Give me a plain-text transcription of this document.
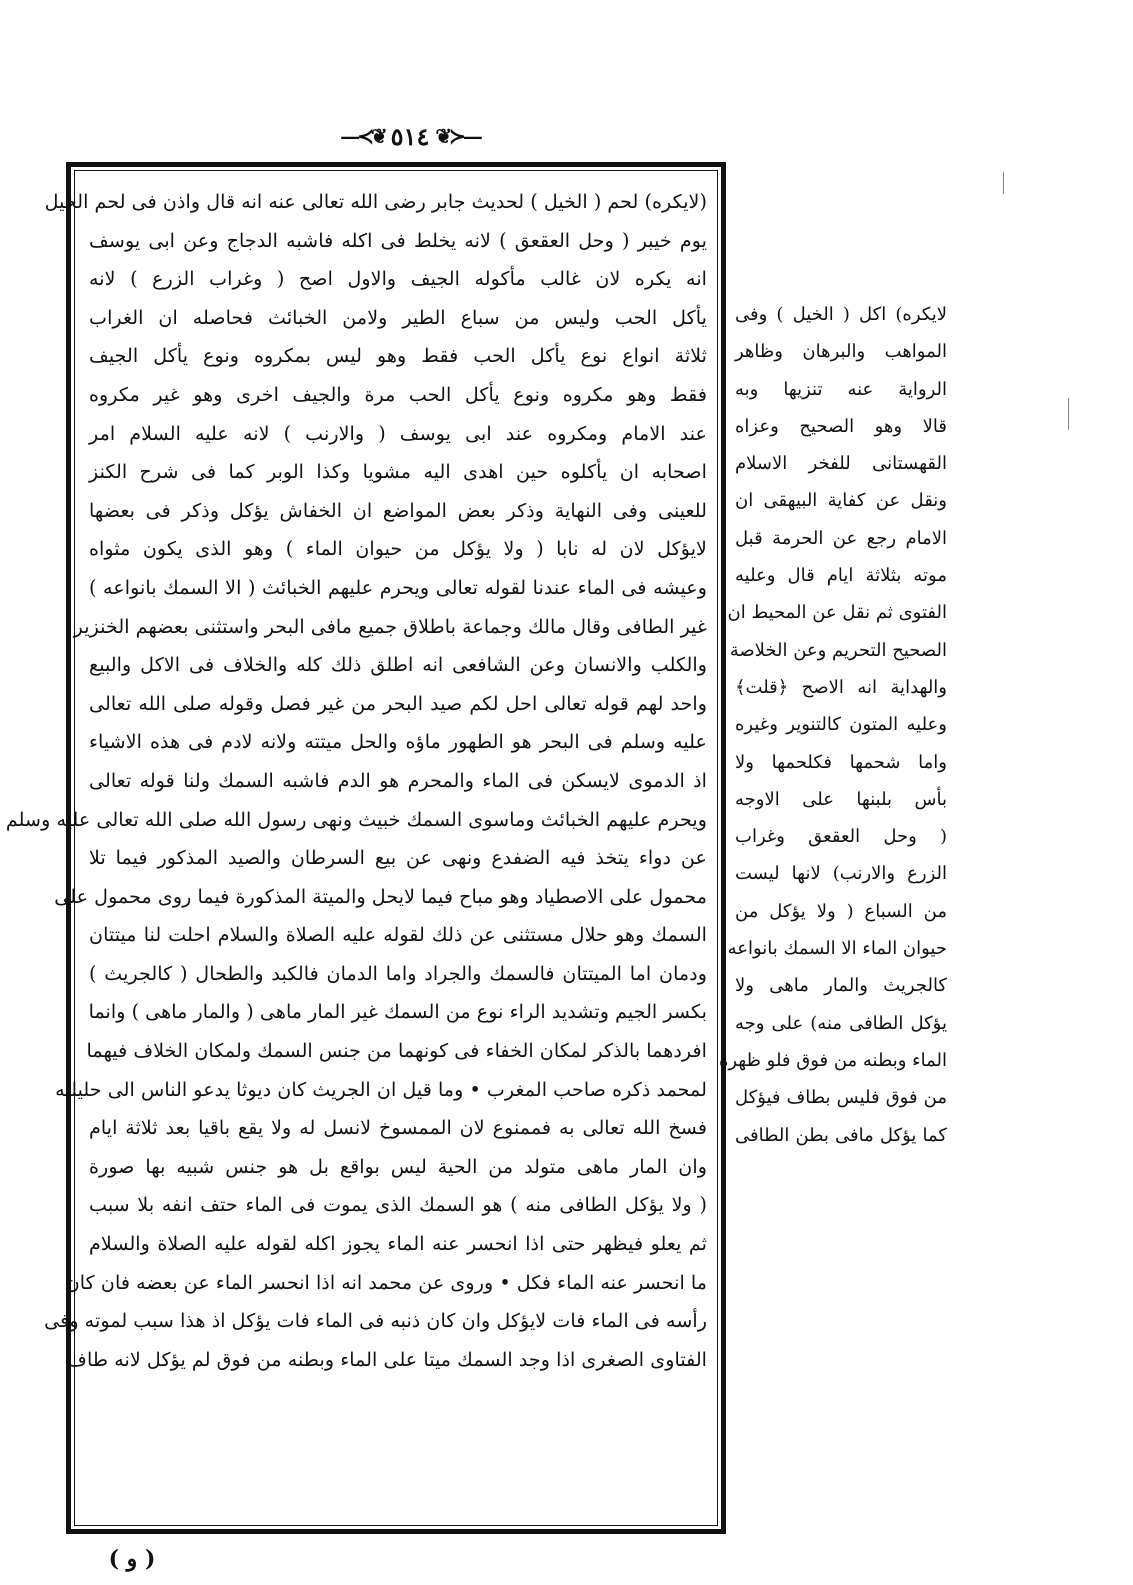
—≺❦ ٥١٤ ❦≻—
(لايكره) لحم ( الخيل ) لحديث جابر رضى الله تعالى عنه انه قال واذن فى لحم الخيل
يوم خيبر ( وحل العقعق ) لانه يخلط فى اكله فاشبه الدجاج وعن ابى يوسف
انه يكره لان غالب مأكوله الجيف والاول اصح ( وغراب الزرع ) لانه
يأكل الحب وليس من سباع الطير ولامن الخبائث فحاصله ان الغراب
ثلاثة انواع نوع يأكل الحب فقط وهو ليس بمكروه ونوع يأكل الجيف
فقط وهو مكروه ونوع يأكل الحب مرة والجيف اخرى وهو غير مكروه
عند الامام ومكروه عند ابى يوسف ( والارنب ) لانه عليه السلام امر
اصحابه ان يأكلوه حين اهدى اليه مشويا وكذا الوبر كما فى شرح الكنز
للعينى وفى النهاية وذكر بعض المواضع ان الخفاش يؤكل وذكر فى بعضها
لايؤكل لان له نابا ( ولا يؤكل من حيوان الماء ) وهو الذى يكون مثواه
وعيشه فى الماء عندنا لقوله تعالى ويحرم عليهم الخبائث ( الا السمك بانواعه )
غير الطافى وقال مالك وجماعة باطلاق جميع مافى البحر واستثنى بعضهم الخنزير
والكلب والانسان وعن الشافعى انه اطلق ذلك كله والخلاف فى الاكل والبيع
واحد لهم قوله تعالى احل لكم صيد البحر من غير فصل وقوله صلى الله تعالى
عليه وسلم فى البحر هو الطهور ماؤه والحل ميتته ولانه لادم فى هذه الاشياء
اذ الدموى لايسكن فى الماء والمحرم هو الدم فاشبه السمك ولنا قوله تعالى
ويحرم عليهم الخبائث وماسوى السمك خبيث ونهى رسول الله صلى الله تعالى عليه وسلم
عن دواء يتخذ فيه الضفدع ونهى عن بيع السرطان والصيد المذكور فيما تلا
محمول على الاصطياد وهو مباح فيما لايحل والميتة المذكورة فيما روى محمول على
السمك وهو حلال مستثنى عن ذلك لقوله عليه الصلاة والسلام احلت لنا ميتتان
ودمان اما الميتتان فالسمك والجراد واما الدمان فالكبد والطحال ( كالجريث )
بكسر الجيم وتشديد الراء نوع من السمك غير المار ماهى ( والمار ماهى ) وانما
افردهما بالذكر لمكان الخفاء فى كونهما من جنس السمك ولمكان الخلاف فيهما
لمحمد ذكره صاحب المغرب • وما قيل ان الجريث كان ديوثا يدعو الناس الى حليلته
فسخ الله تعالى به فممنوع لان الممسوخ لانسل له ولا يقع باقيا بعد ثلاثة ايام
وان المار ماهى متولد من الحية ليس بواقع بل هو جنس شبيه بها صورة
( ولا يؤكل الطافى منه ) هو السمك الذى يموت فى الماء حتف انفه بلا سبب
ثم يعلو فيظهر حتى اذا انحسر عنه الماء يجوز اكله لقوله عليه الصلاة والسلام
ما انحسر عنه الماء فكل • وروى عن محمد انه اذا انحسر الماء عن بعضه فان كان
رأسه فى الماء فات لايؤكل وان كان ذنبه فى الماء فات يؤكل اذ هذا سبب لموته وفى
الفتاوى الصغرى اذا وجد السمك ميتا على الماء وبطنه من فوق لم يؤكل لانه طاف
لايكره) اكل ( الخيل ) وفى
المواهب والبرهان وظاهر
الرواية عنه تنزيها وبه
قالا وهو الصحيح وعزاه
القهستانى للفخر الاسلام
ونقل عن كفاية البيهقى ان
الامام رجع عن الحرمة قبل
موته بثلاثة ايام قال وعليه
الفتوى ثم نقل عن المحيط ان
الصحيح التحريم وعن الخلاصة
والهداية انه الاصح ﴿قلت﴾
وعليه المتون كالتنوير وغيره
واما شحمها فكلحمها ولا
بأس بلبنها على الاوجه
( وحل العقعق وغراب
الزرع والارنب) لانها ليست
من السباع ( ولا يؤكل من
حيوان الماء الا السمك بانواعه
كالجريث والمار ماهى ولا
يؤكل الطافى منه) على وجه
الماء وبطنه من فوق فلو ظهره
من فوق فليس بطاف فيؤكل
كما يؤكل مافى بطن الطافى
( و )
